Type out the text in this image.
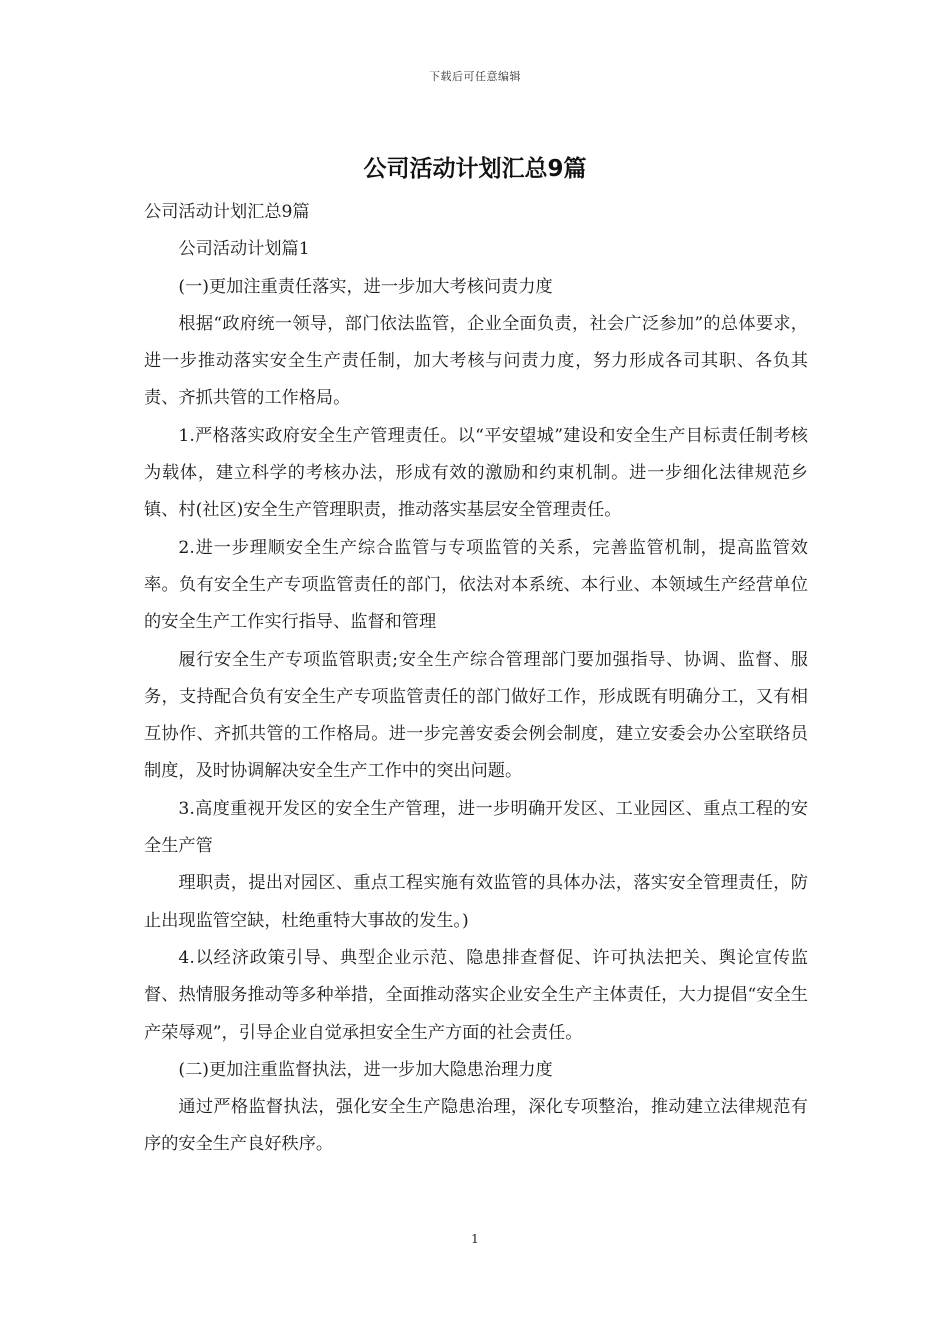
下载后可任意编辑
公司活动计划汇总9篇

公司活动计划汇总9篇

公司活动计划篇1

(一)更加注重责任落实，进一步加大考核问责力度

根据“政府统一领导，部门依法监管，企业全面负责，社会广泛参加”的总体要求，进一步推动落实安全生产责任制，加大考核与问责力度，努力形成各司其职、各负其责、齐抓共管的工作格局。

1.严格落实政府安全生产管理责任。以“平安望城”建设和安全生产目标责任制考核为载体，建立科学的考核办法，形成有效的激励和约束机制。进一步细化法律规范乡镇、村(社区)安全生产管理职责，推动落实基层安全管理责任。

2.进一步理顺安全生产综合监管与专项监管的关系，完善监管机制，提高监管效率。负有安全生产专项监管责任的部门，依法对本系统、本行业、本领域生产经营单位的安全生产工作实行指导、监督和管理

履行安全生产专项监管职责;安全生产综合管理部门要加强指导、协调、监督、服务，支持配合负有安全生产专项监管责任的部门做好工作，形成既有明确分工，又有相互协作、齐抓共管的工作格局。进一步完善安委会例会制度，建立安委会办公室联络员制度，及时协调解决安全生产工作中的突出问题。

3.高度重视开发区的安全生产管理，进一步明确开发区、工业园区、重点工程的安全生产管

理职责，提出对园区、重点工程实施有效监管的具体办法，落实安全管理责任，防止出现监管空缺，杜绝重特大事故的发生。)

4.以经济政策引导、典型企业示范、隐患排查督促、许可执法把关、舆论宣传监督、热情服务推动等多种举措，全面推动落实企业安全生产主体责任，大力提倡“安全生产荣辱观”，引导企业自觉承担安全生产方面的社会责任。

(二)更加注重监督执法，进一步加大隐患治理力度

通过严格监督执法，强化安全生产隐患治理，深化专项整治，推动建立法律规范有序的安全生产良好秩序。

1
